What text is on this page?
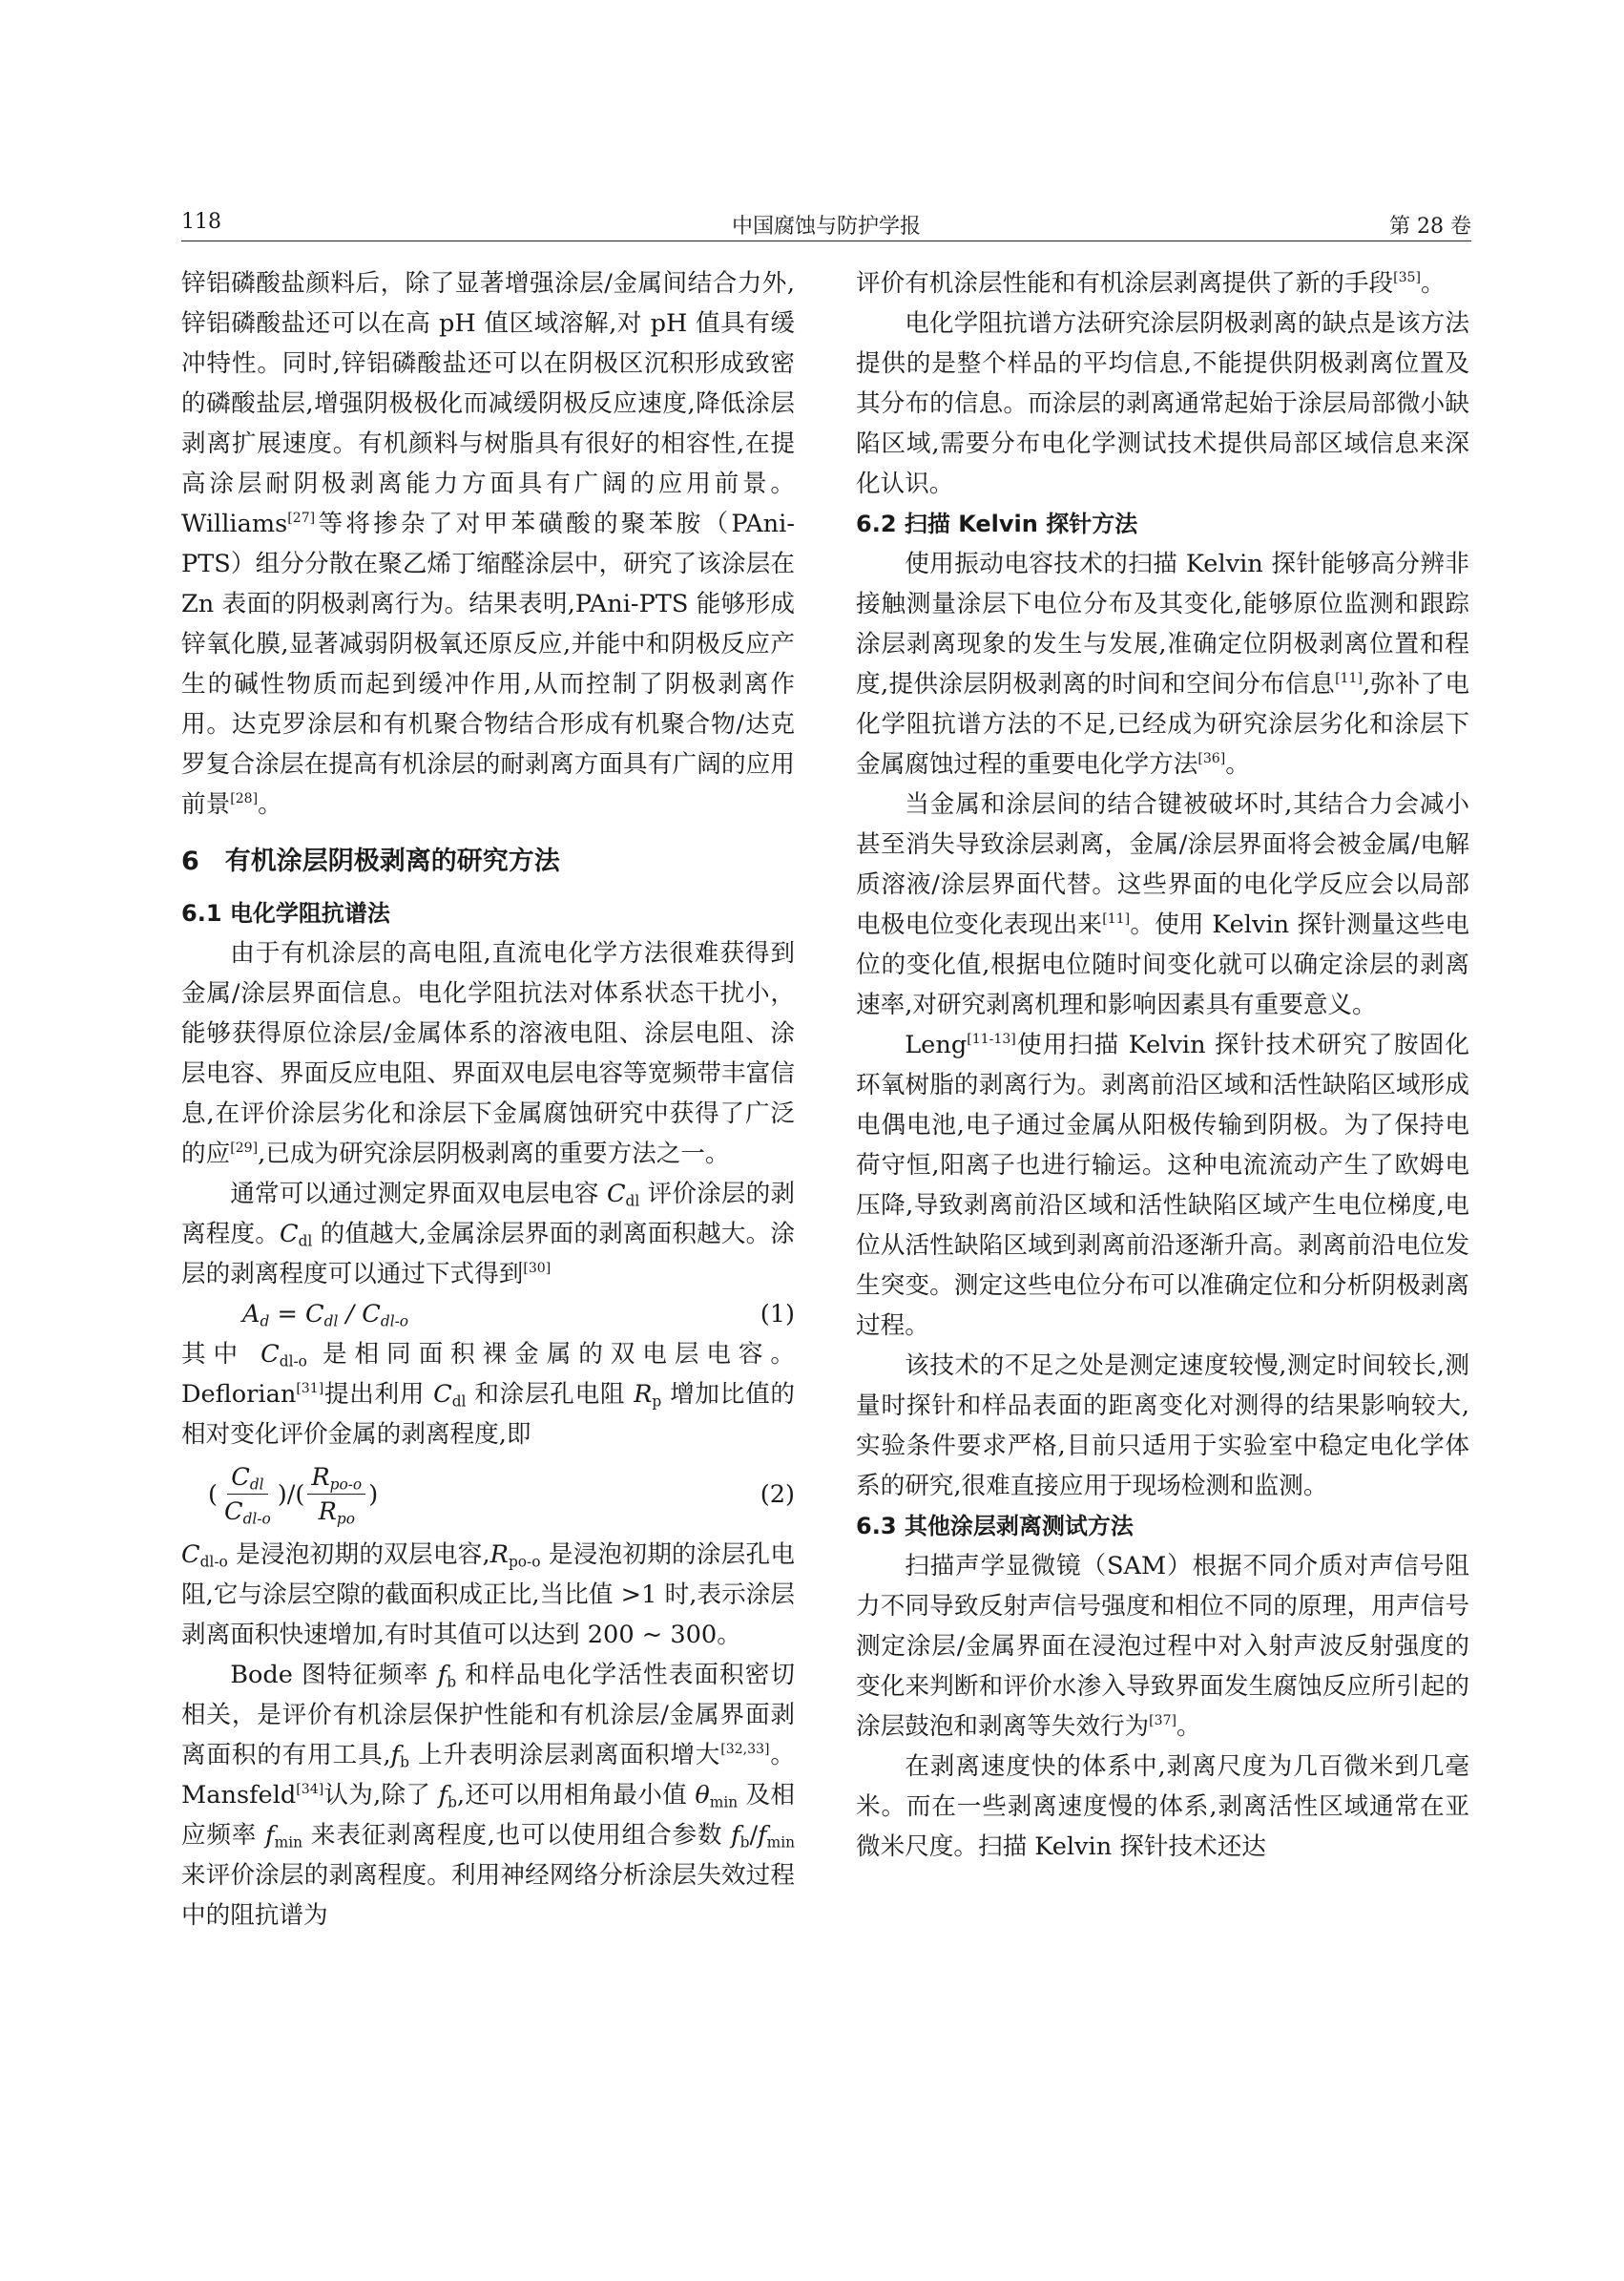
118	中国腐蚀与防护学报	第 28 卷

锌铝磷酸盐颜料后，除了显著增强涂层/金属间结合力外,锌铝磷酸盐还可以在高 pH 值区域溶解,对 pH 值具有缓冲特性。同时,锌铝磷酸盐还可以在阴极区沉积形成致密的磷酸盐层,增强阴极极化而减缓阴极反应速度,降低涂层剥离扩展速度。有机颜料与树脂具有很好的相容性,在提高涂层耐阴极剥离能力方面具有广阔的应用前景。Williams[27]等将掺杂了对甲苯磺酸的聚苯胺（PAni-PTS）组分分散在聚乙烯丁缩醛涂层中，研究了该涂层在 Zn 表面的阴极剥离行为。结果表明,PAni-PTS 能够形成锌氧化膜,显著减弱阴极氧还原反应,并能中和阴极反应产生的碱性物质而起到缓冲作用,从而控制了阴极剥离作用。达克罗涂层和有机聚合物结合形成有机聚合物/达克罗复合涂层在提高有机涂层的耐剥离方面具有广阔的应用前景[28]。

6　有机涂层阴极剥离的研究方法
6.1 电化学阻抗谱法

由于有机涂层的高电阻,直流电化学方法很难获得到金属/涂层界面信息。电化学阻抗法对体系状态干扰小，能够获得原位涂层/金属体系的溶液电阻、涂层电阻、涂层电容、界面反应电阻、界面双电层电容等宽频带丰富信息,在评价涂层劣化和涂层下金属腐蚀研究中获得了广泛的应[29],已成为研究涂层阴极剥离的重要方法之一。

通常可以通过测定界面双电层电容 $C_{dl}$ 评价涂层的剥离程度。$C_{dl}$ 的值越大,金属涂层界面的剥离面积越大。涂层的剥离程度可以通过下式得到[30]

$A_d = C_{dl} / C_{dl-o}$	(1)

其中 $C_{dl-o}$ 是相同面积裸金属的双电层电容。Deflorian[31]提出利用 $C_{dl}$ 和涂层孔电阻 $R_p$ 增加比值的相对变化评价金属的剥离程度,即

( $\frac{C_{dl}}{C_{dl-o}}$ )/( $\frac{R_{po-o}}{R_{po}}$ )	(2)

$C_{dl-o}$ 是浸泡初期的双层电容$,R_{po-o}$ 是浸泡初期的涂层孔电阻,它与涂层空隙的截面积成正比,当比值 >1 时,表示涂层剥离面积快速增加,有时其值可以达到 200 ~ 300。

Bode 图特征频率 $f_b$ 和样品电化学活性表面积密切相关，是评价有机涂层保护性能和有机涂层/金属界面剥离面积的有用工具$,f_b$ 上升表明涂层剥离面积增大[32,33]。Mansfeld[34]认为,除了 $f_b$,还可以用相角最小值 $\theta_{min}$ 及相应频率 $f_{min}$ 来表征剥离程度,也可以使用组合参数 $f_b/f_{min}$ 来评价涂层的剥离程度。利用神经网络分析涂层失效过程中的阻抗谱为

评价有机涂层性能和有机涂层剥离提供了新的手段[35]。

电化学阻抗谱方法研究涂层阴极剥离的缺点是该方法提供的是整个样品的平均信息,不能提供阴极剥离位置及其分布的信息。而涂层的剥离通常起始于涂层局部微小缺陷区域,需要分布电化学测试技术提供局部区域信息来深化认识。

6.2 扫描 Kelvin 探针方法

使用振动电容技术的扫描 Kelvin 探针能够高分辨非接触测量涂层下电位分布及其变化,能够原位监测和跟踪涂层剥离现象的发生与发展,准确定位阴极剥离位置和程度,提供涂层阴极剥离的时间和空间分布信息[11],弥补了电化学阻抗谱方法的不足,已经成为研究涂层劣化和涂层下金属腐蚀过程的重要电化学方法[36]。

当金属和涂层间的结合键被破坏时,其结合力会减小甚至消失导致涂层剥离，金属/涂层界面将会被金属/电解质溶液/涂层界面代替。这些界面的电化学反应会以局部电极电位变化表现出来[11]。使用 Kelvin 探针测量这些电位的变化值,根据电位随时间变化就可以确定涂层的剥离速率,对研究剥离机理和影响因素具有重要意义。

Leng[11-13]使用扫描 Kelvin 探针技术研究了胺固化环氧树脂的剥离行为。剥离前沿区域和活性缺陷区域形成电偶电池,电子通过金属从阳极传输到阴极。为了保持电荷守恒,阳离子也进行输运。这种电流流动产生了欧姆电压降,导致剥离前沿区域和活性缺陷区域产生电位梯度,电位从活性缺陷区域到剥离前沿逐渐升高。剥离前沿电位发生突变。测定这些电位分布可以准确定位和分析阴极剥离过程。

该技术的不足之处是测定速度较慢,测定时间较长,测量时探针和样品表面的距离变化对测得的结果影响较大,实验条件要求严格,目前只适用于实验室中稳定电化学体系的研究,很难直接应用于现场检测和监测。

6.3 其他涂层剥离测试方法

扫描声学显微镜（SAM）根据不同介质对声信号阻力不同导致反射声信号强度和相位不同的原理，用声信号测定涂层/金属界面在浸泡过程中对入射声波反射强度的变化来判断和评价水渗入导致界面发生腐蚀反应所引起的涂层鼓泡和剥离等失效行为[37]。

在剥离速度快的体系中,剥离尺度为几百微米到几毫米。而在一些剥离速度慢的体系,剥离活性区域通常在亚微米尺度。扫描 Kelvin 探针技术还达
